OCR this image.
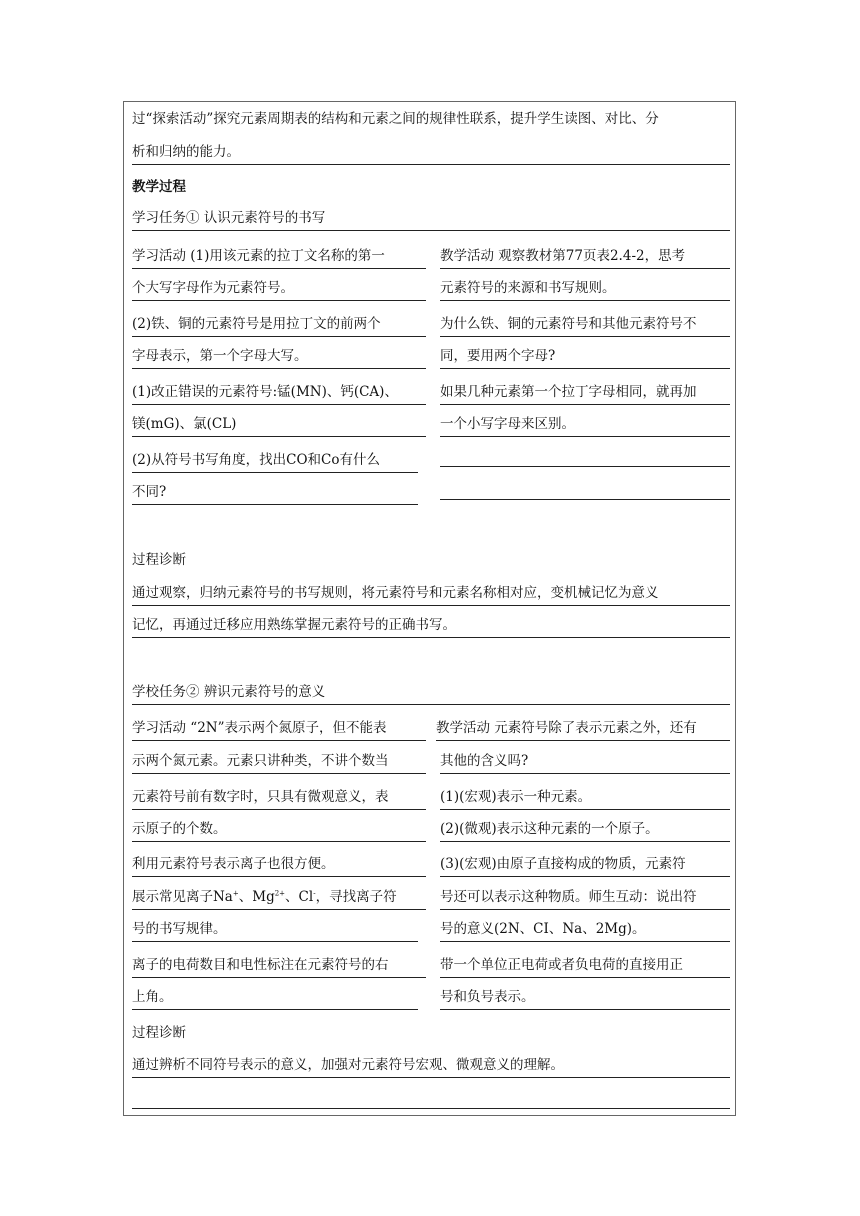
过“探索活动”探究元素周期表的结构和元素之间的规律性联系，提升学生读图、对比、分
析和归纳的能力。
教学过程
学习任务① 认识元素符号的书写
学习活动 (1)用该元素的拉丁文名称的第一
个大写字母作为元素符号。
(2)铁、铜的元素符号是用拉丁文的前两个
字母表示，第一个字母大写。
(1)改正错误的元素符号:锰(MN)、钙(CA)、
镁(mG)、氯(CL)
(2)从符号书写角度，找出CO和Co有什么
不同?
教学活动 观察教材第77页表2.4-2，思考
元素符号的来源和书写规则。
为什么铁、铜的元素符号和其他元素符号不
同，要用两个字母?
如果几种元素第一个拉丁字母相同，就再加
一个小写字母来区别。
过程诊断
通过观察，归纳元素符号的书写规则，将元素符号和元素名称相对应，变机械记忆为意义
记忆，再通过迁移应用熟练掌握元素符号的正确书写。
学校任务② 辨识元素符号的意义
学习活动 “2N”表示两个氮原子，但不能表
示两个氮元素。元素只讲种类，不讲个数当
元素符号前有数字时，只具有微观意义，表
示原子的个数。
利用元素符号表示离子也很方便。
展示常见离子Na+、$Mg^{2+}$、Cl-，寻找离子符
号的书写规律。
离子的电荷数目和电性标注在元素符号的右
上角。
教学活动 元素符号除了表示元素之外，还有
其他的含义吗?
(1)(宏观)表示一种元素。
(2)(微观)表示这种元素的一个原子。
(3)(宏观)由原子直接构成的物质，元素符
号还可以表示这种物质。师生互动：说出符
号的意义(2N、CI、Na、2Mg)。
带一个单位正电荷或者负电荷的直接用正
号和负号表示。
过程诊断
通过辨析不同符号表示的意义，加强对元素符号宏观、微观意义的理解。
